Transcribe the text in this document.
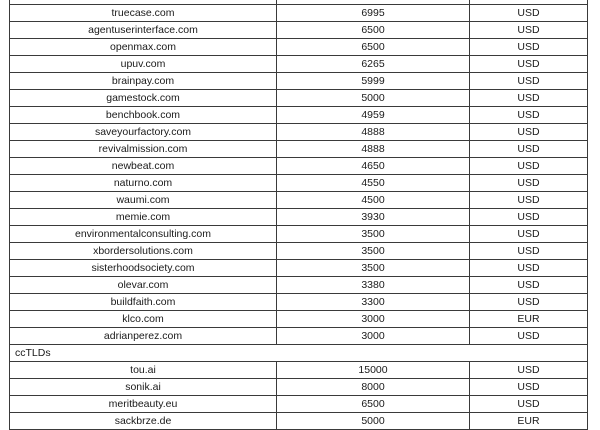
truecase.com	6995	USD
agentuserinterface.com	6500	USD
openmax.com	6500	USD
upuv.com	6265	USD
brainpay.com	5999	USD
gamestock.com	5000	USD
benchbook.com	4959	USD
saveyourfactory.com	4888	USD
revivalmission.com	4888	USD
newbeat.com	4650	USD
naturno.com	4550	USD
waumi.com	4500	USD
memie.com	3930	USD
environmentalconsulting.com	3500	USD
xbordersolutions.com	3500	USD
sisterhoodsociety.com	3500	USD
olevar.com	3380	USD
buildfaith.com	3300	USD
klco.com	3000	EUR
adrianperez.com	3000	USD
ccTLDs		
tou.ai	15000	USD
sonik.ai	8000	USD
meritbeauty.eu	6500	USD
sackbrze.de	5000	EUR
